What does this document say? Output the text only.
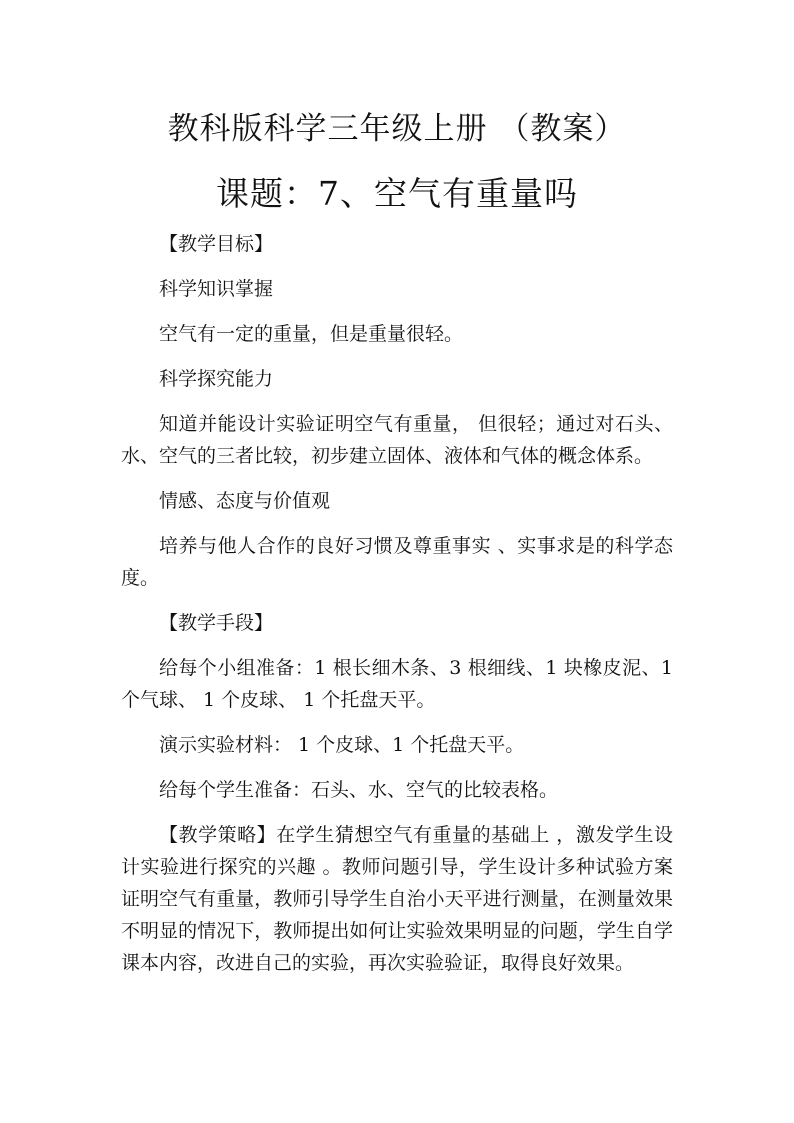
教科版科学三年级上册 （教案）
课题：7、空气有重量吗

【教学目标】

科学知识掌握

空气有一定的重量，但是重量很轻。

科学探究能力

知道并能设计实验证明空气有重量， 但很轻；通过对石头、水、空气的三者比较，初步建立固体、液体和气体的概念体系。

情感、态度与价值观

培养与他人合作的良好习惯及尊重事实 、实事求是的科学态度。

【教学手段】

给每个小组准备：1 根长细木条、3 根细线、1 块橡皮泥、1 个气球、 1 个皮球、 1 个托盘天平。

演示实验材料： 1 个皮球、1 个托盘天平。

给每个学生准备：石头、水、空气的比较表格。

【教学策略】在学生猜想空气有重量的基础上 ，激发学生设计实验进行探究的兴趣 。教师问题引导，学生设计多种试验方案证明空气有重量，教师引导学生自治小天平进行测量，在测量效果不明显的情况下，教师提出如何让实验效果明显的问题，学生自学课本内容，改进自己的实验，再次实验验证，取得良好效果。
